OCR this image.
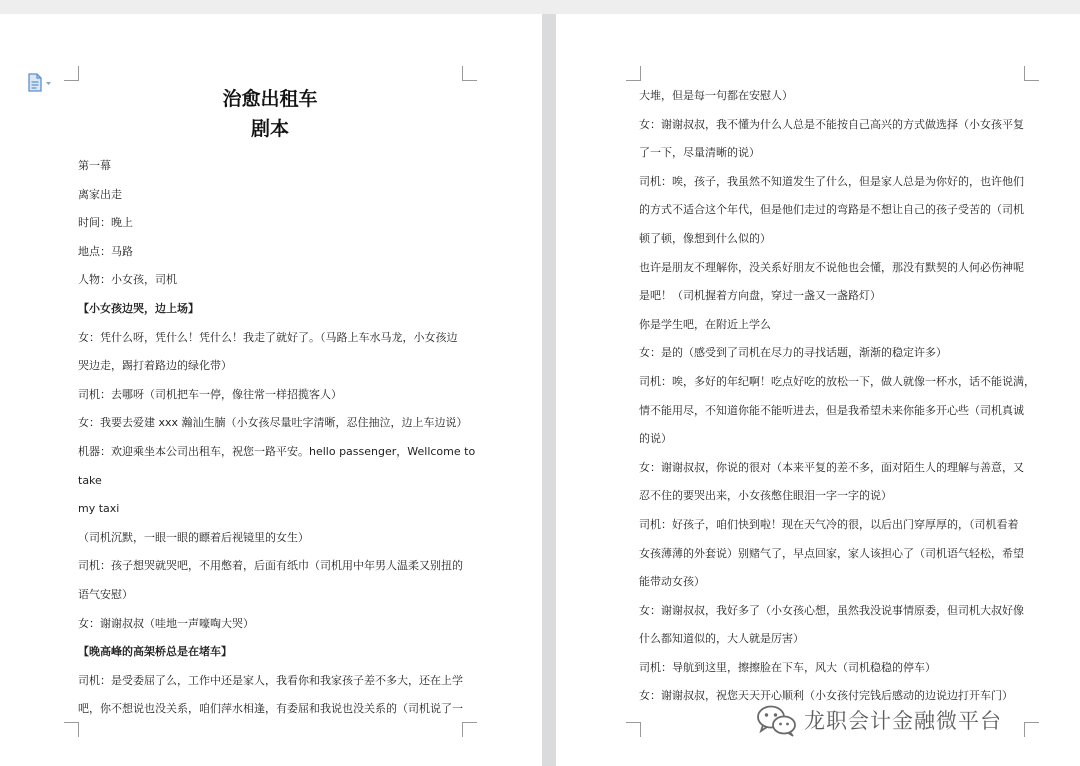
治愈出租车
剧本
第一幕
离家出走
时间：晚上
地点：马路
人物：小女孩，司机
【小女孩边哭，边上场】
女：凭什么呀，凭什么！凭什么！我走了就好了。（马路上车水马龙，小女孩边
哭边走，踢打着路边的绿化带）
司机：去哪呀（司机把车一停，像往常一样招揽客人）
女：我要去爱建 xxx 瀚汕生腩（小女孩尽量吐字清晰，忍住抽泣，边上车边说）
机器：欢迎乘坐本公司出租车，祝您一路平安。hello passenger，Wellcome to
take
my taxi
（司机沉默，一眼一眼的瞟着后视镜里的女生）
司机：孩子想哭就哭吧，不用憋着，后面有纸巾（司机用中年男人温柔又别扭的
语气安慰）
女：谢谢叔叔（哇地一声嚎啕大哭）
【晚高峰的高架桥总是在堵车】
司机：是受委屈了么，工作中还是家人，我看你和我家孩子差不多大，还在上学
吧，你不想说也没关系，咱们萍水相逢，有委屈和我说也没关系的（司机说了一
大堆，但是每一句都在安慰人）
女：谢谢叔叔，我不懂为什么人总是不能按自己高兴的方式做选择（小女孩平复
了一下，尽量清晰的说）
司机：唉，孩子，我虽然不知道发生了什么，但是家人总是为你好的，也许他们
的方式不适合这个年代，但是他们走过的弯路是不想让自己的孩子受苦的（司机
顿了顿，像想到什么似的）
也许是朋友不理解你，没关系好朋友不说他也会懂，那没有默契的人何必伤神呢
是吧！（司机握着方向盘，穿过一盏又一盏路灯）
你是学生吧，在附近上学么
女：是的（感受到了司机在尽力的寻找话题，渐渐的稳定许多）
司机：唉，多好的年纪啊！吃点好吃的放松一下，做人就像一杯水，话不能说满，
情不能用尽，不知道你能不能听进去，但是我希望未来你能多开心些（司机真诚
的说）
女：谢谢叔叔，你说的很对（本来平复的差不多，面对陌生人的理解与善意，又
忍不住的要哭出来，小女孩憋住眼泪一字一字的说）
司机：好孩子，咱们快到啦！现在天气冷的很，以后出门穿厚厚的，（司机看着
女孩薄薄的外套说）别赌气了，早点回家，家人该担心了（司机语气轻松，希望
能带动女孩）
女：谢谢叔叔，我好多了（小女孩心想，虽然我没说事情原委，但司机大叔好像
什么都知道似的，大人就是厉害）
司机：导航到这里，擦擦脸在下车，风大（司机稳稳的停车）
女：谢谢叔叔，祝您天天开心顺利（小女孩付完钱后感动的边说边打开车门）
龙职会计金融微平台
